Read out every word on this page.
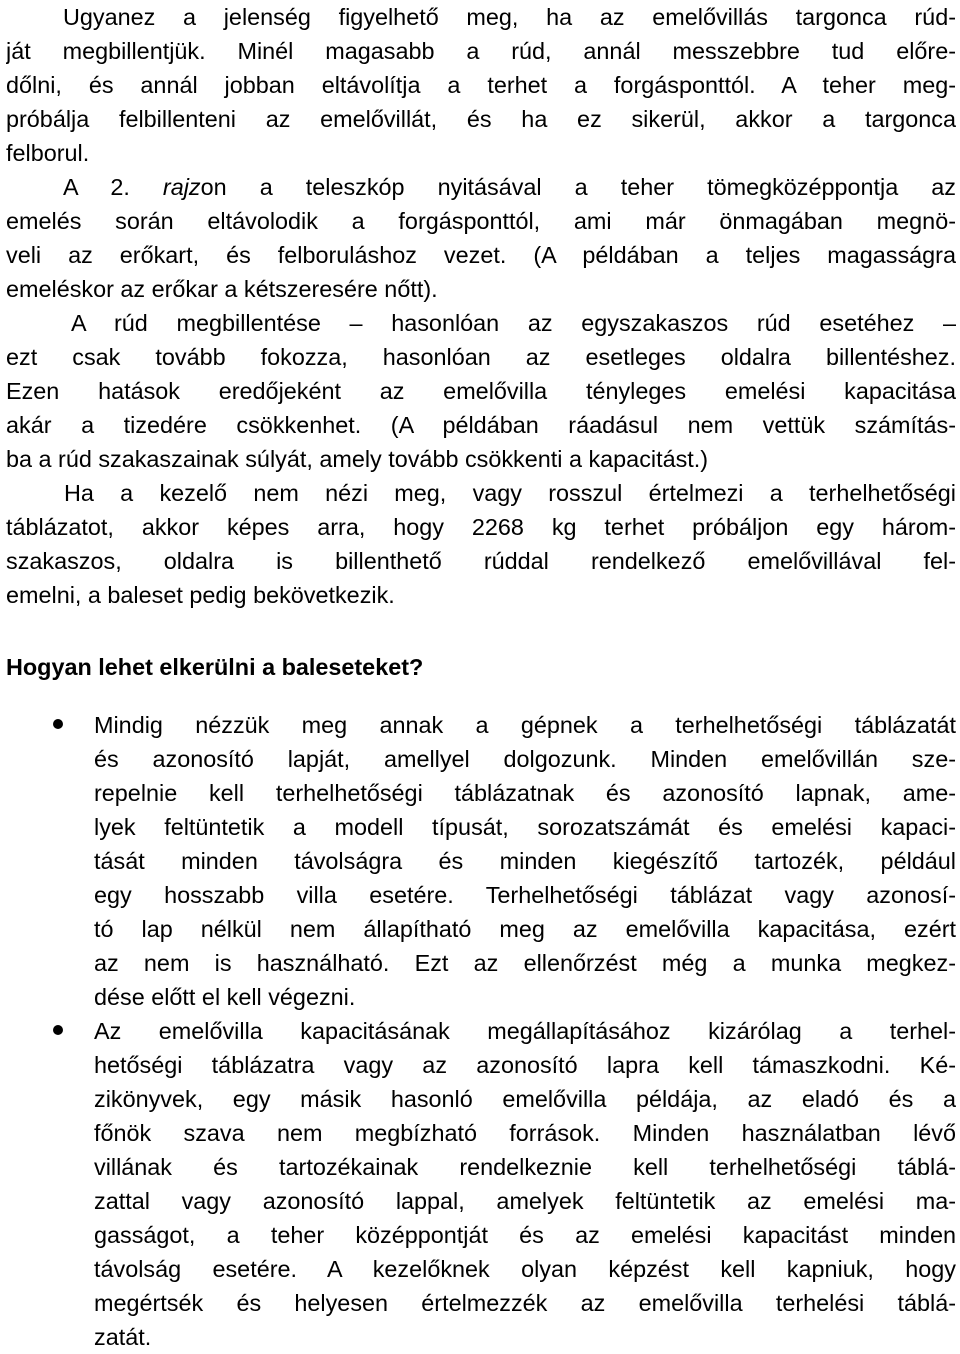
Ugyanez a jelenség figyelhető meg, ha az emelővillás targonca rúd-
ját megbillentjük. Minél magasabb a rúd, annál messzebbre tud előre-
dőlni, és annál jobban eltávolítja a terhet a forgásponttól. A teher meg-
próbálja felbillenteni az emelővillát, és ha ez sikerül, akkor a targonca
felborul.
A 2. rajzon a teleszkóp nyitásával a teher tömegközéppontja az
emelés során eltávolodik a forgásponttól, ami már önmagában megnö-
veli az erőkart, és felboruláshoz vezet. (A példában a teljes magasságra
emeléskor az erőkar a kétszeresére nőtt).
A rúd megbillentése – hasonlóan az egyszakaszos rúd esetéhez –
ezt csak tovább fokozza, hasonlóan az esetleges oldalra billentéshez.
Ezen hatások eredőjeként az emelővilla tényleges emelési kapacitása
akár a tizedére csökkenhet. (A példában ráadásul nem vettük számítás-
ba a rúd szakaszainak súlyát, amely tovább csökkenti a kapacitást.)
Ha a kezelő nem nézi meg, vagy rosszul értelmezi a terhelhetőségi
táblázatot, akkor képes arra, hogy 2268 kg terhet próbáljon egy három-
szakaszos, oldalra is billenthető rúddal rendelkező emelővillával fel-
emelni, a baleset pedig bekövetkezik.
Hogyan lehet elkerülni a baleseteket?
Mindig nézzük meg annak a gépnek a terhelhetőségi táblázatát
és azonosító lapját, amellyel dolgozunk. Minden emelővillán sze-
repelnie kell terhelhetőségi táblázatnak és azonosító lapnak, ame-
lyek feltüntetik a modell típusát, sorozatszámát és emelési kapaci-
tását minden távolságra és minden kiegészítő tartozék, például
egy hosszabb villa esetére. Terhelhetőségi táblázat vagy azonosí-
tó lap nélkül nem állapítható meg az emelővilla kapacitása, ezért
az nem is használható. Ezt az ellenőrzést még a munka megkez-
dése előtt el kell végezni.
Az emelővilla kapacitásának megállapításához kizárólag a terhel-
hetőségi táblázatra vagy az azonosító lapra kell támaszkodni. Ké-
zikönyvek, egy másik hasonló emelővilla példája, az eladó és a
főnök szava nem megbízható források. Minden használatban lévő
villának és tartozékainak rendelkeznie kell terhelhetőségi táblá-
zattal vagy azonosító lappal, amelyek feltüntetik az emelési ma-
gasságot, a teher középpontját és az emelési kapacitást minden
távolság esetére. A kezelőknek olyan képzést kell kapniuk, hogy
megértsék és helyesen értelmezzék az emelővilla terhelési táblá-
zatát.
